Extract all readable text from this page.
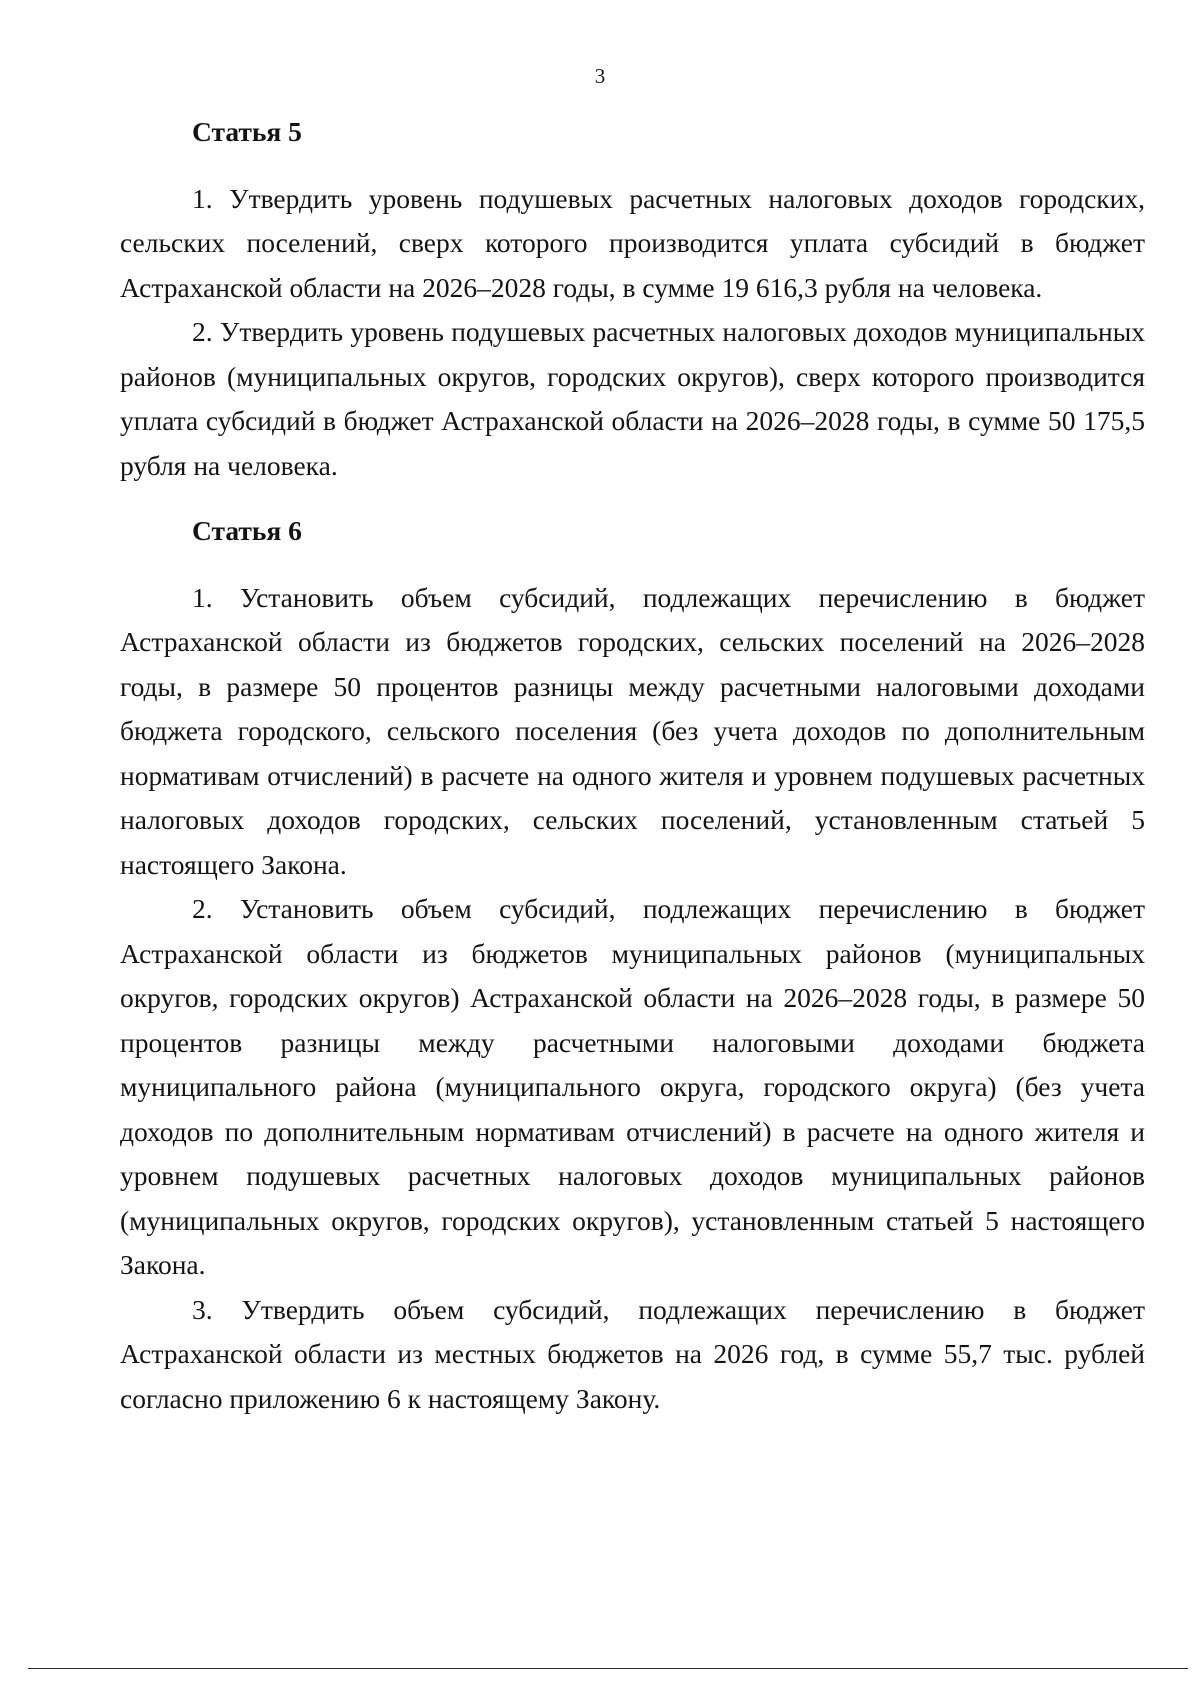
3
Статья 5

1. Утвердить уровень подушевых расчетных налоговых доходов городских, сельских поселений, сверх которого производится уплата субсидий в бюджет Астраханской области на 2026–2028 годы, в сумме 19 616,3 рубля на человека.

2. Утвердить уровень подушевых расчетных налоговых доходов муниципальных районов (муниципальных округов, городских округов), сверх которого производится уплата субсидий в бюджет Астраханской области на 2026–2028 годы, в сумме 50 175,5 рубля на человека.

Статья 6

1. Установить объем субсидий, подлежащих перечислению в бюджет Астраханской области из бюджетов городских, сельских поселений на 2026–2028 годы, в размере 50 процентов разницы между расчетными налоговыми доходами бюджета городского, сельского поселения (без учета доходов по дополнительным нормативам отчислений) в расчете на одного жителя и уровнем подушевых расчетных налоговых доходов городских, сельских поселений, установленным статьей 5 настоящего Закона.

2. Установить объем субсидий, подлежащих перечислению в бюджет Астраханской области из бюджетов муниципальных районов (муниципальных округов, городских округов) Астраханской области на 2026–2028 годы, в размере 50 процентов разницы между расчетными налоговыми доходами бюджета муниципального района (муниципального округа, городского округа) (без учета доходов по дополнительным нормативам отчислений) в расчете на одного жителя и уровнем подушевых расчетных налоговых доходов муниципальных районов (муниципальных округов, городских округов), установленным статьей 5 настоящего Закона.

3. Утвердить объем субсидий, подлежащих перечислению в бюджет Астраханской области из местных бюджетов на 2026 год, в сумме 55,7 тыс. рублей согласно приложению 6 к настоящему Закону.
